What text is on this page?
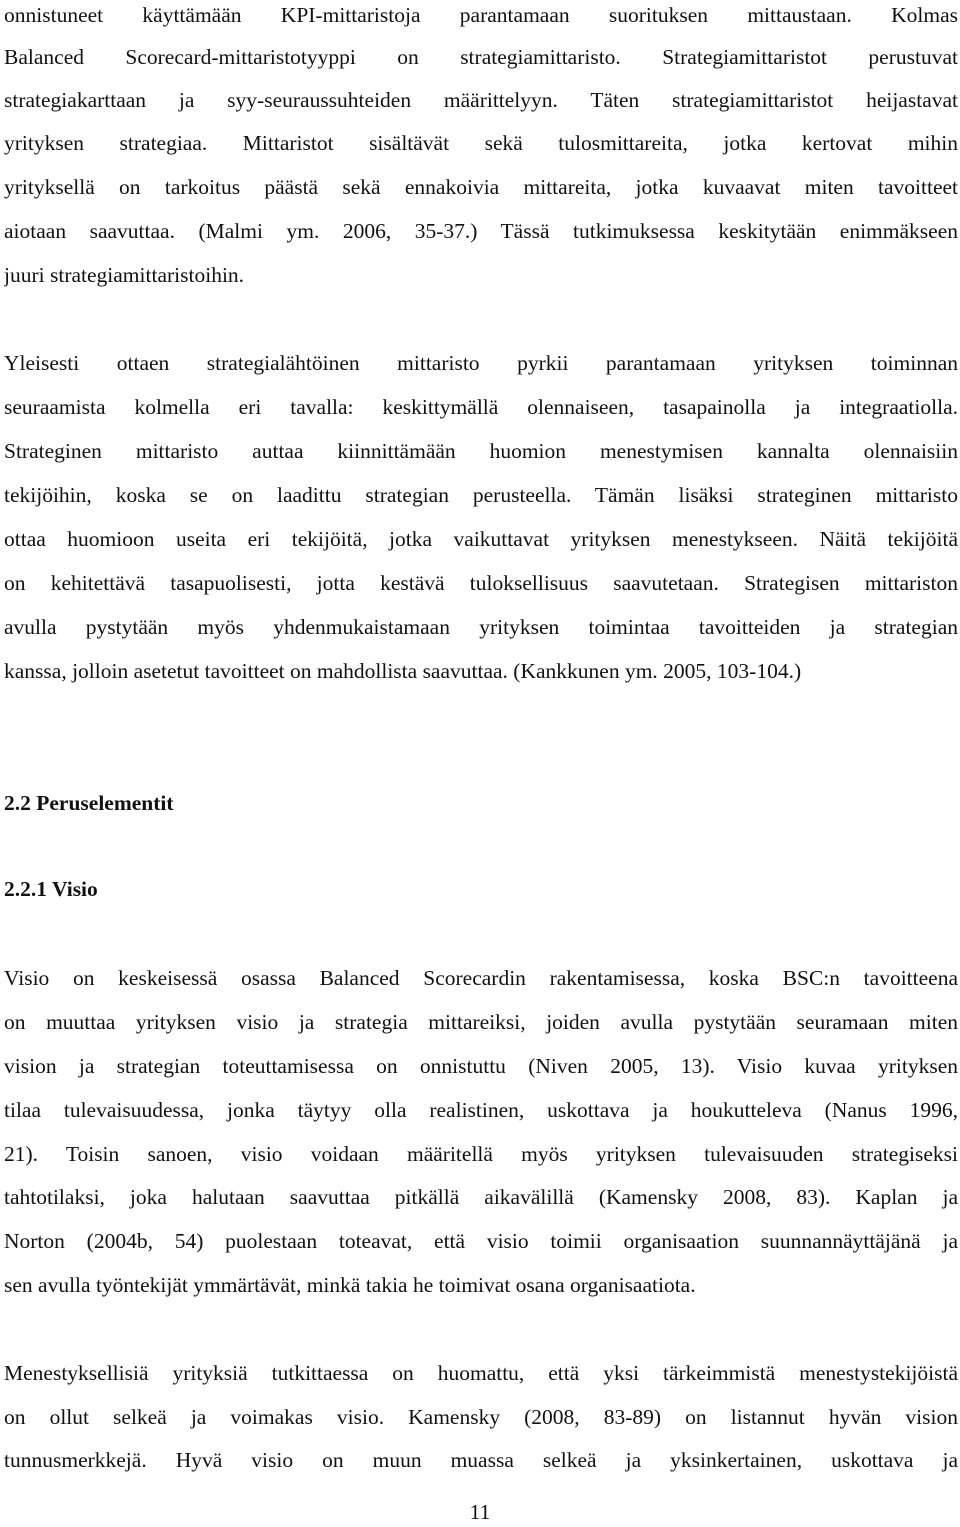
onnistuneet käyttämään KPI-mittaristoja parantamaan suorituksen mittaustaan. Kolmas
Balanced Scorecard-mittaristotyyppi on strategiamittaristo. Strategiamittaristot perustuvat
strategiakarttaan ja syy-seuraussuhteiden määrittelyyn. Täten strategiamittaristot heijastavat
yrityksen strategiaa. Mittaristot sisältävät sekä tulosmittareita, jotka kertovat mihin
yrityksellä on tarkoitus päästä sekä ennakoivia mittareita, jotka kuvaavat miten tavoitteet
aiotaan saavuttaa. (Malmi ym. 2006, 35-37.) Tässä tutkimuksessa keskitytään enimmäkseen
juuri strategiamittaristoihin.
Yleisesti ottaen strategialähtöinen mittaristo pyrkii parantamaan yrityksen toiminnan
seuraamista kolmella eri tavalla: keskittymällä olennaiseen, tasapainolla ja integraatiolla.
Strateginen mittaristo auttaa kiinnittämään huomion menestymisen kannalta olennaisiin
tekijöihin, koska se on laadittu strategian perusteella. Tämän lisäksi strateginen mittaristo
ottaa huomioon useita eri tekijöitä, jotka vaikuttavat yrityksen menestykseen. Näitä tekijöitä
on kehitettävä tasapuolisesti, jotta kestävä tuloksellisuus saavutetaan. Strategisen mittariston
avulla pystytään myös yhdenmukaistamaan yrityksen toimintaa tavoitteiden ja strategian
kanssa, jolloin asetetut tavoitteet on mahdollista saavuttaa. (Kankkunen ym. 2005, 103-104.)
2.2 Peruselementit
2.2.1 Visio
Visio on keskeisessä osassa Balanced Scorecardin rakentamisessa, koska BSC:n tavoitteena
on muuttaa yrityksen visio ja strategia mittareiksi, joiden avulla pystytään seuramaan miten
vision ja strategian toteuttamisessa on onnistuttu (Niven 2005, 13). Visio kuvaa yrityksen
tilaa tulevaisuudessa, jonka täytyy olla realistinen, uskottava ja houkutteleva (Nanus 1996,
21). Toisin sanoen, visio voidaan määritellä myös yrityksen tulevaisuuden strategiseksi
tahtotilaksi, joka halutaan saavuttaa pitkällä aikavälillä (Kamensky 2008, 83). Kaplan ja
Norton (2004b, 54) puolestaan toteavat, että visio toimii organisaation suunnannäyttäjänä ja
sen avulla työntekijät ymmärtävät, minkä takia he toimivat osana organisaatiota.
Menestyksellisiä yrityksiä tutkittaessa on huomattu, että yksi tärkeimmistä menestystekijöistä
on ollut selkeä ja voimakas visio. Kamensky (2008, 83-89) on listannut hyvän vision
tunnusmerkkejä. Hyvä visio on muun muassa selkeä ja yksinkertainen, uskottava ja
11
